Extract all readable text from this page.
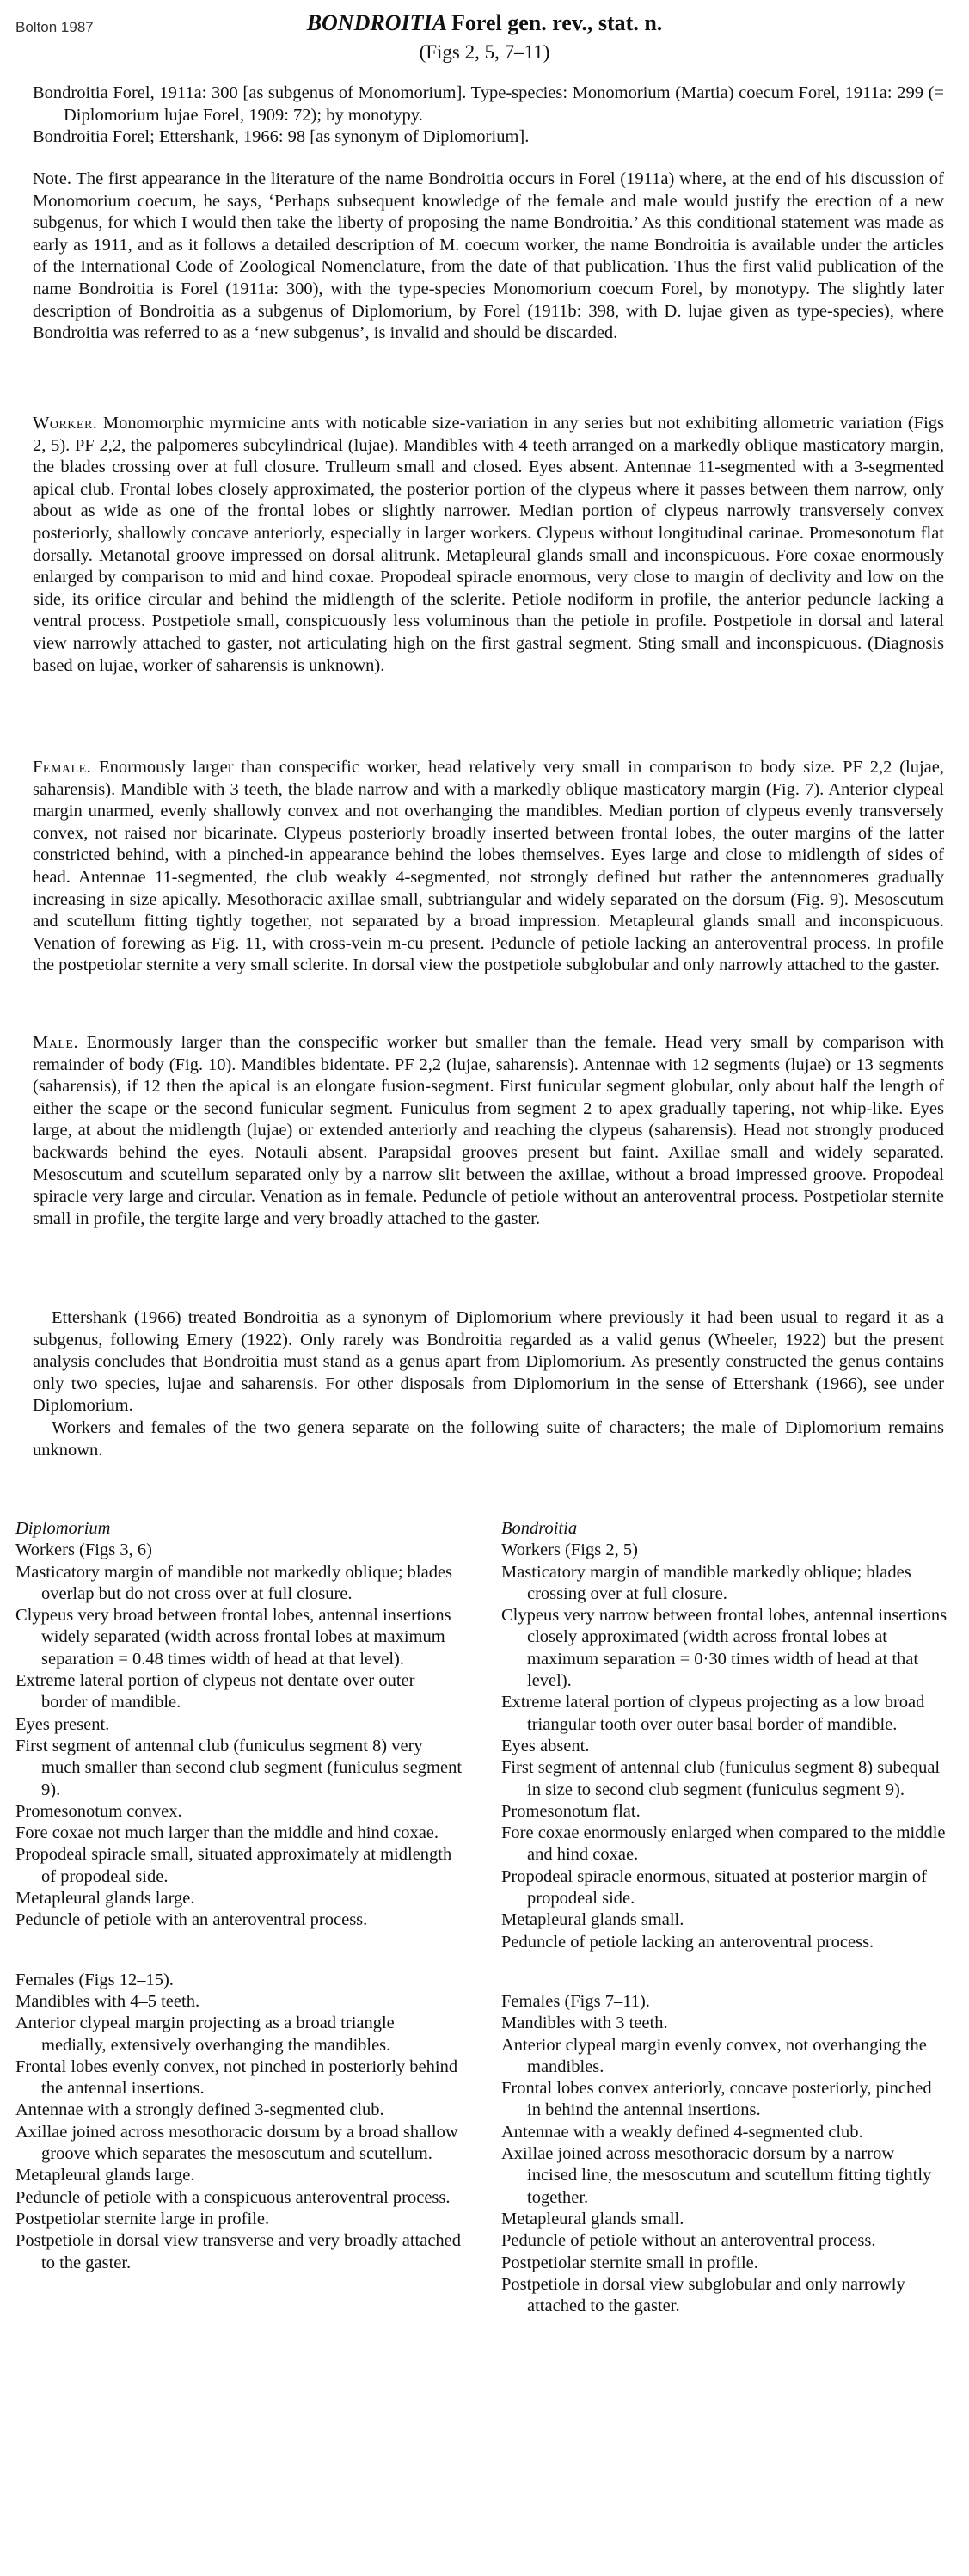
Bolton 1987	BONDROITIA Forel gen. rev., stat. n.
(Figs 2, 5, 7–11)

Bondroitia Forel, 1911a: 300 [as subgenus of Monomorium]. Type-species: Monomorium (Martia) coecum Forel, 1911a: 299 (= Diplomorium lujae Forel, 1909: 72); by monotypy.

Bondroitia Forel; Ettershank, 1966: 98 [as synonym of Diplomorium].

Note. The first appearance in the literature of the name Bondroitia occurs in Forel (1911a) where, at the end of his discussion of Monomorium coecum, he says, ‘Perhaps subsequent knowledge of the female and male would justify the erection of a new subgenus, for which I would then take the liberty of proposing the name Bondroitia.’ As this conditional statement was made as early as 1911, and as it follows a detailed description of M. coecum worker, the name Bondroitia is available under the articles of the International Code of Zoological Nomenclature, from the date of that publication. Thus the first valid publication of the name Bondroitia is Forel (1911a: 300), with the type-species Monomorium coecum Forel, by monotypy. The slightly later description of Bondroitia as a subgenus of Diplomorium, by Forel (1911b: 398, with D. lujae given as type-species), where Bondroitia was referred to as a ‘new subgenus’, is invalid and should be discarded.

Worker. Monomorphic myrmicine ants with noticable size-variation in any series but not exhibiting allometric variation (Figs 2, 5). PF 2,2, the palpomeres subcylindrical (lujae). Mandibles with 4 teeth arranged on a markedly oblique masticatory margin, the blades crossing over at full closure. Trulleum small and closed. Eyes absent. Antennae 11-segmented with a 3-segmented apical club. Frontal lobes closely approximated, the posterior portion of the clypeus where it passes between them narrow, only about as wide as one of the frontal lobes or slightly narrower. Median portion of clypeus narrowly transversely convex posteriorly, shallowly concave anteriorly, especially in larger workers. Clypeus without longitudinal carinae. Promesonotum flat dorsally. Metanotal groove impressed on dorsal alitrunk. Metapleural glands small and inconspicuous. Fore coxae enormously enlarged by comparison to mid and hind coxae. Propodeal spiracle enormous, very close to margin of declivity and low on the side, its orifice circular and behind the midlength of the sclerite. Petiole nodiform in profile, the anterior peduncle lacking a ventral process. Postpetiole small, conspicuously less voluminous than the petiole in profile. Postpetiole in dorsal and lateral view narrowly attached to gaster, not articulating high on the first gastral segment. Sting small and inconspicuous. (Diagnosis based on lujae, worker of saharensis is unknown).

Female. Enormously larger than conspecific worker, head relatively very small in comparison to body size. PF 2,2 (lujae, saharensis). Mandible with 3 teeth, the blade narrow and with a markedly oblique masticatory margin (Fig. 7). Anterior clypeal margin unarmed, evenly shallowly convex and not overhanging the mandibles. Median portion of clypeus evenly transversely convex, not raised nor bicarinate. Clypeus posteriorly broadly inserted between frontal lobes, the outer margins of the latter constricted behind, with a pinched-in appearance behind the lobes themselves. Eyes large and close to midlength of sides of head. Antennae 11-segmented, the club weakly 4-segmented, not strongly defined but rather the antennomeres gradually increasing in size apically. Mesothoracic axillae small, subtriangular and widely separated on the dorsum (Fig. 9). Mesoscutum and scutellum fitting tightly together, not separated by a broad impression. Metapleural glands small and inconspicuous. Venation of forewing as Fig. 11, with cross-vein m-cu present. Peduncle of petiole lacking an anteroventral process. In profile the postpetiolar sternite a very small sclerite. In dorsal view the postpetiole subglobular and only narrowly attached to the gaster.

Male. Enormously larger than the conspecific worker but smaller than the female. Head very small by comparison with remainder of body (Fig. 10). Mandibles bidentate. PF 2,2 (lujae, saharensis). Antennae with 12 segments (lujae) or 13 segments (saharensis), if 12 then the apical is an elongate fusion-segment. First funicular segment globular, only about half the length of either the scape or the second funicular segment. Funiculus from segment 2 to apex gradually tapering, not whip-like. Eyes large, at about the midlength (lujae) or extended anteriorly and reaching the clypeus (saharensis). Head not strongly produced backwards behind the eyes. Notauli absent. Parapsidal grooves present but faint. Axillae small and widely separated. Mesoscutum and scutellum separated only by a narrow slit between the axillae, without a broad impressed groove. Propodeal spiracle very large and circular. Venation as in female. Peduncle of petiole without an anteroventral process. Postpetiolar sternite small in profile, the tergite large and very broadly attached to the gaster.

Ettershank (1966) treated Bondroitia as a synonym of Diplomorium where previously it had been usual to regard it as a subgenus, following Emery (1922). Only rarely was Bondroitia regarded as a valid genus (Wheeler, 1922) but the present analysis concludes that Bondroitia must stand as a genus apart from Diplomorium. As presently constructed the genus contains only two species, lujae and saharensis. For other disposals from Diplomorium in the sense of Ettershank (1966), see under Diplomorium.

Workers and females of the two genera separate on the following suite of characters; the male of Diplomorium remains unknown.

Diplomorium
Workers (Figs 3, 6)

Masticatory margin of mandible not markedly oblique; blades overlap but do not cross over at full closure.

Clypeus very broad between frontal lobes, antennal insertions widely separated (width across frontal lobes at maximum separation = 0.48 times width of head at that level).

Extreme lateral portion of clypeus not dentate over outer border of mandible.

Eyes present.

First segment of antennal club (funiculus segment 8) very much smaller than second club segment (funiculus segment 9).

Promesonotum convex.

Fore coxae not much larger than the middle and hind coxae.

Propodeal spiracle small, situated approximately at midlength of propodeal side.

Metapleural glands large.

Peduncle of petiole with an anteroventral process.

Females (Figs 12–15).

Mandibles with 4–5 teeth.

Anterior clypeal margin projecting as a broad triangle medially, extensively overhanging the mandibles.

Frontal lobes evenly convex, not pinched in posteriorly behind the antennal insertions.

Antennae with a strongly defined 3-segmented club.

Axillae joined across mesothoracic dorsum by a broad shallow groove which separates the mesoscutum and scutellum.

Metapleural glands large.

Peduncle of petiole with a conspicuous anteroventral process.

Postpetiolar sternite large in profile.

Postpetiole in dorsal view transverse and very broadly attached to the gaster.

Bondroitia
Workers (Figs 2, 5)

Masticatory margin of mandible markedly oblique; blades crossing over at full closure.

Clypeus very narrow between frontal lobes, antennal insertions closely approximated (width across frontal lobes at maximum separation = 0·30 times width of head at that level).

Extreme lateral portion of clypeus projecting as a low broad triangular tooth over outer basal border of mandible.

Eyes absent.

First segment of antennal club (funiculus segment 8) subequal in size to second club segment (funiculus segment 9).

Promesonotum flat.

Fore coxae enormously enlarged when compared to the middle and hind coxae.

Propodeal spiracle enormous, situated at posterior margin of propodeal side.

Metapleural glands small.

Peduncle of petiole lacking an anteroventral process.

Females (Figs 7–11).

Mandibles with 3 teeth.

Anterior clypeal margin evenly convex, not overhanging the mandibles.

Frontal lobes convex anteriorly, concave posteriorly, pinched in behind the antennal insertions.

Antennae with a weakly defined 4-segmented club.

Axillae joined across mesothoracic dorsum by a narrow incised line, the mesoscutum and scutellum fitting tightly together.

Metapleural glands small.

Peduncle of petiole without an anteroventral process.

Postpetiolar sternite small in profile.

Postpetiole in dorsal view subglobular and only narrowly attached to the gaster.
